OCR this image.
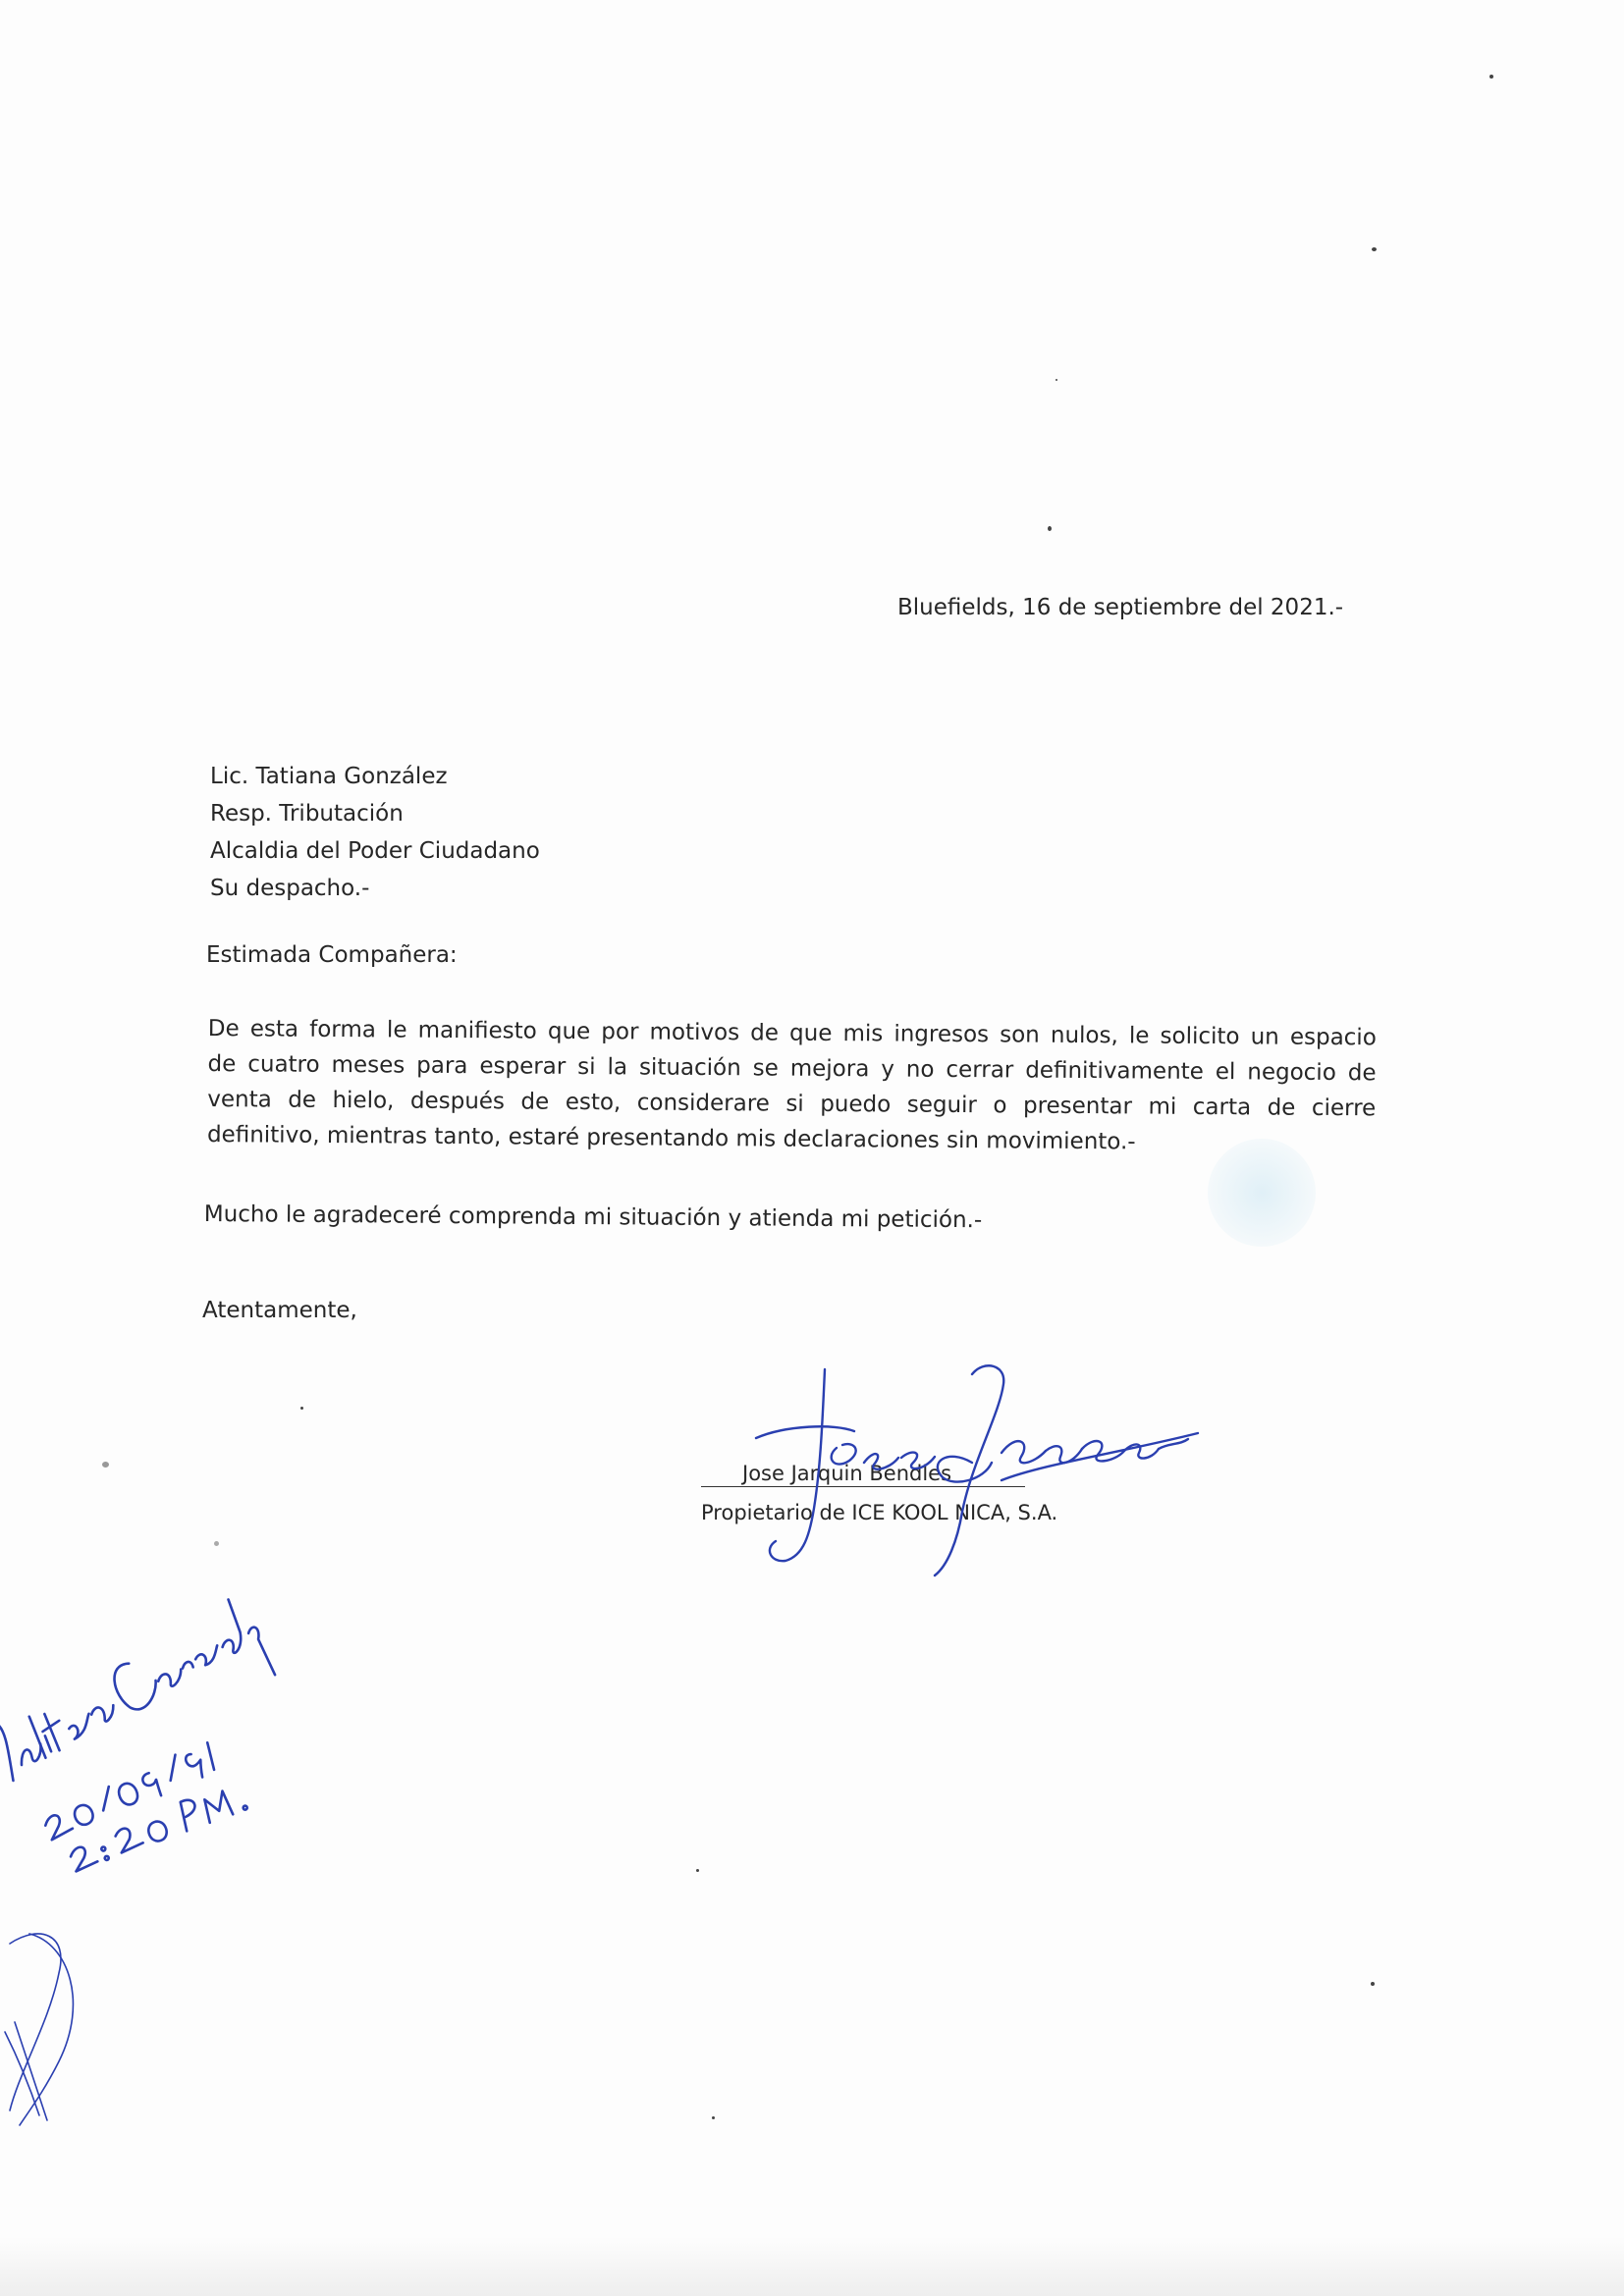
Bluefields, 16 de septiembre del 2021.-
Lic. Tatiana González
Resp. Tributación
Alcaldia del Poder Ciudadano
Su despacho.-
Estimada Compañera:
De esta forma le manifiesto que por motivos de que mis ingresos son nulos, le solicito un espacio
de cuatro meses para esperar si la situación se mejora y no cerrar definitivamente el negocio de
venta de hielo, después de esto, considerare si puedo seguir o presentar mi carta de cierre
definitivo, mientras tanto, estaré presentando mis declaraciones sin movimiento.-
Mucho le agradeceré comprenda mi situación y atienda mi petición.-
Atentamente,
Jose Jarquin Bendles
Propietario de ICE KOOL NICA, S.A.
